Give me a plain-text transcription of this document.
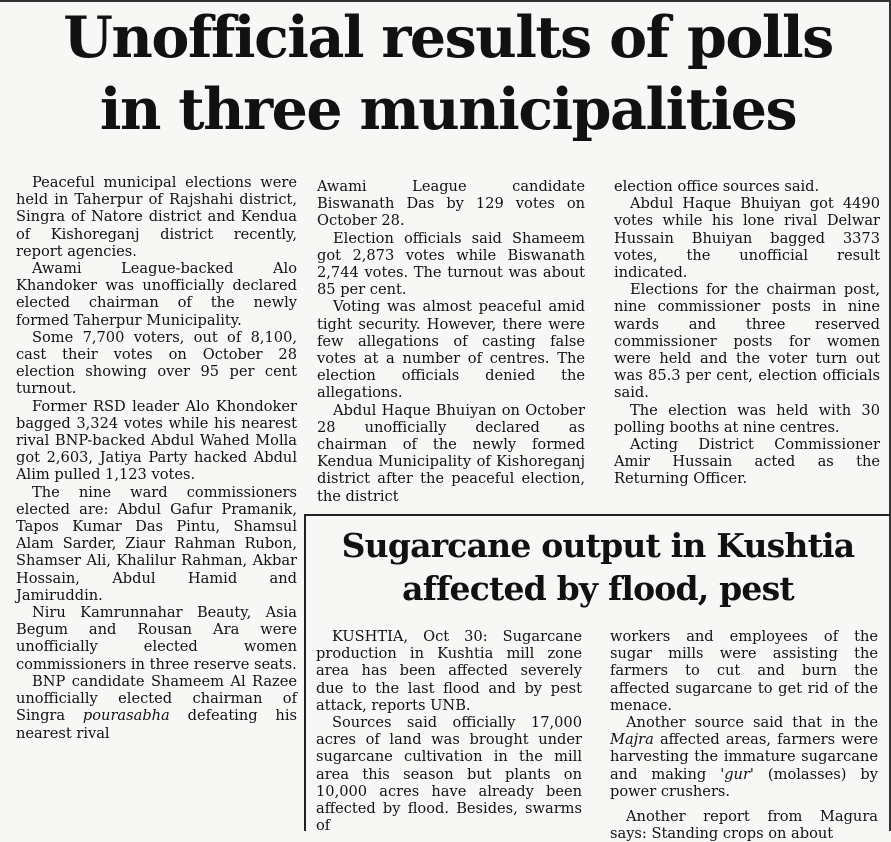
Unofficial results of polls
in three municipalities

Peaceful municipal elections were held in Taherpur of Rajshahi district, Singra of Natore district and Kendua of Kishoreganj district recently, report agencies.

Awami League-backed Alo Khandoker was unofficially declared elected chairman of the newly formed Taherpur Municipality.

Some 7,700 voters, out of 8,100, cast their votes on October 28 election showing over 95 per cent turnout.

Former RSD leader Alo Khondoker bagged 3,324 votes while his nearest rival BNP-backed Abdul Wahed Molla got 2,603, Jatiya Party hacked Abdul Alim pulled 1,123 votes.

The nine ward commissioners elected are: Abdul Gafur Pramanik, Tapos Kumar Das Pintu, Shamsul Alam Sarder, Ziaur Rahman Rubon, Shamser Ali, Khalilur Rahman, Akbar Hossain, Abdul Hamid and Jamiruddin.

Niru Kamrunnahar Beauty, Asia Begum and Rousan Ara were unofficially elected women commissioners in three reserve seats.

BNP candidate Shameem Al Razee unofficially elected chairman of Singra pourasabha defeating his nearest rival

Awami League candidate Biswanath Das by 129 votes on October 28.

Election officials said Shameem got 2,873 votes while Biswanath 2,744 votes. The turnout was about 85 per cent.

Voting was almost peaceful amid tight security. However, there were few allegations of casting false votes at a number of centres. The election officials denied the allegations.

Abdul Haque Bhuiyan on October 28 unofficially declared as chairman of the newly formed Kendua Municipality of Kishoreganj district after the peaceful election, the district

election office sources said.

Abdul Haque Bhuiyan got 4490 votes while his lone rival Delwar Hussain Bhuiyan bagged 3373 votes, the unofficial result indicated.

Elections for the chairman post, nine commissioner posts in nine wards and three reserved commissioner posts for women were held and the voter turn out was 85.3 per cent, election officials said.

The election was held with 30 polling booths at nine centres.

Acting District Commissioner Amir Hussain acted as the Returning Officer.

Sugarcane output in Kushtia
affected by flood, pest

KUSHTIA, Oct 30: Sugarcane production in Kushtia mill zone area has been affected severely due to the last flood and by pest attack, reports UNB.

Sources said officially 17,000 acres of land was brought under sugarcane cultivation in the mill area this season but plants on 10,000 acres have already been affected by flood. Besides, swarms of

workers and employees of the sugar mills were assisting the farmers to cut and burn the affected sugarcane to get rid of the menace.

Another source said that in the Majra affected areas, farmers were harvesting the immature sugarcane and making 'gur' (molasses) by power crushers.

Another report from Magura says: Standing crops on about
